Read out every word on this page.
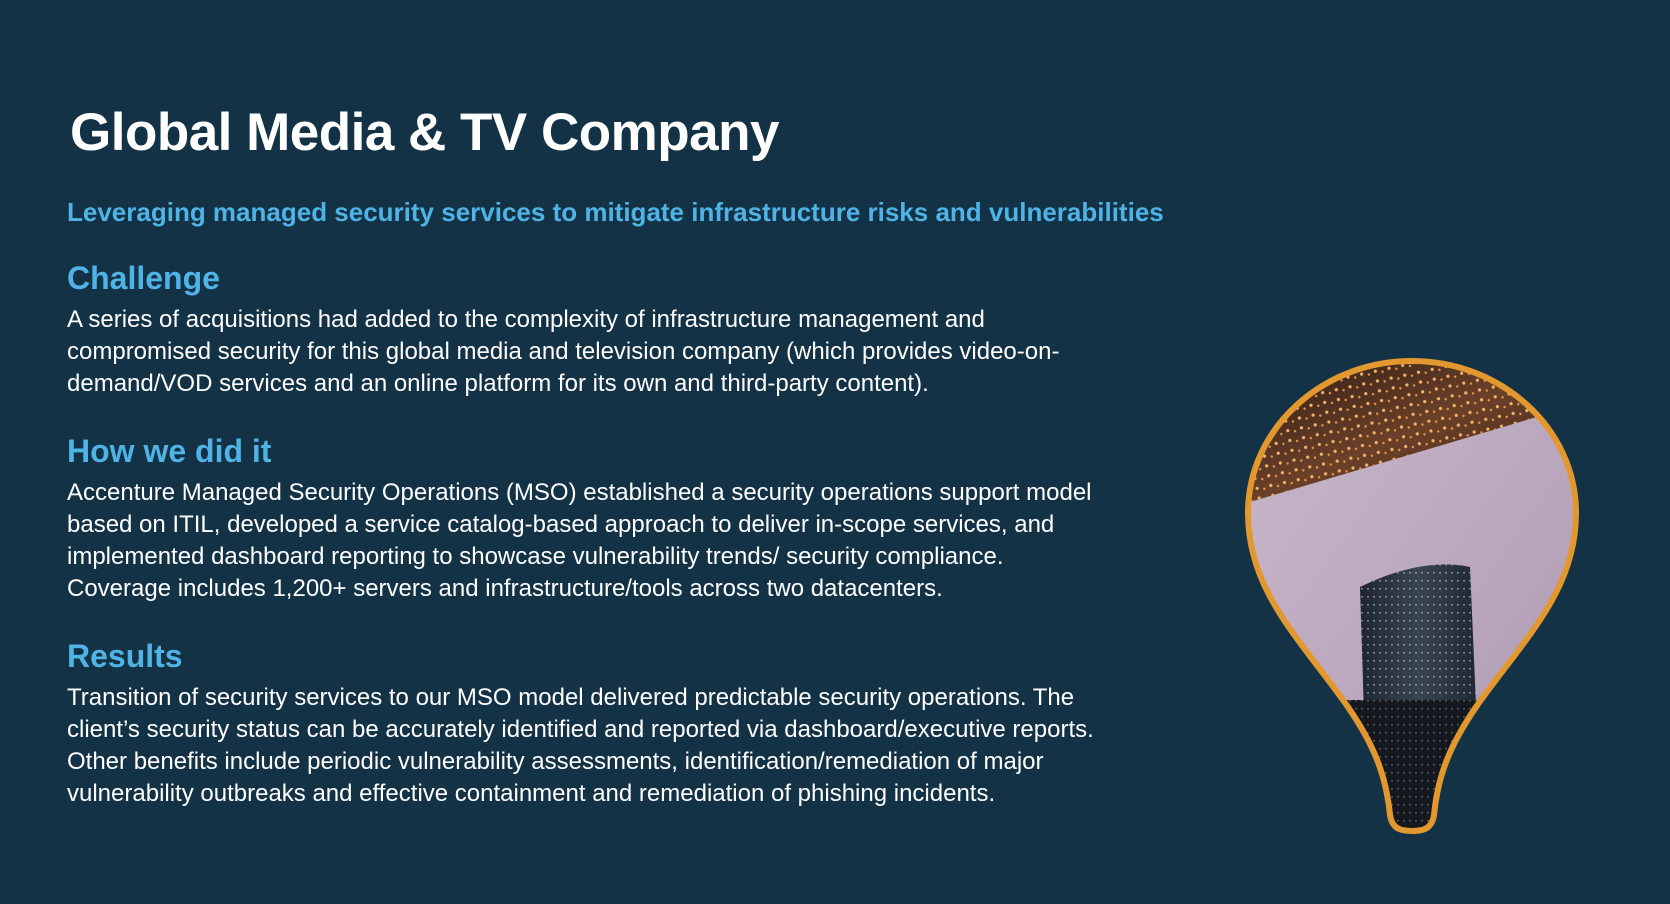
Global Media & TV Company

Leveraging managed security services to mitigate infrastructure risks and vulnerabilities

Challenge

A series of acquisitions had added to the complexity of infrastructure management and
compromised security for this global media and television company (which provides video-on-
demand/VOD services and an online platform for its own and third-party content).

How we did it

Accenture Managed Security Operations (MSO) established a security operations support model
based on ITIL, developed a service catalog-based approach to deliver in-scope services, and
implemented dashboard reporting to showcase vulnerability trends/ security compliance.
Coverage includes 1,200+ servers and infrastructure/tools across two datacenters.

Results

Transition of security services to our MSO model delivered predictable security operations. The
client’s security status can be accurately identified and reported via dashboard/executive reports.
Other benefits include periodic vulnerability assessments, identification/remediation of major
vulnerability outbreaks and effective containment and remediation of phishing incidents.
